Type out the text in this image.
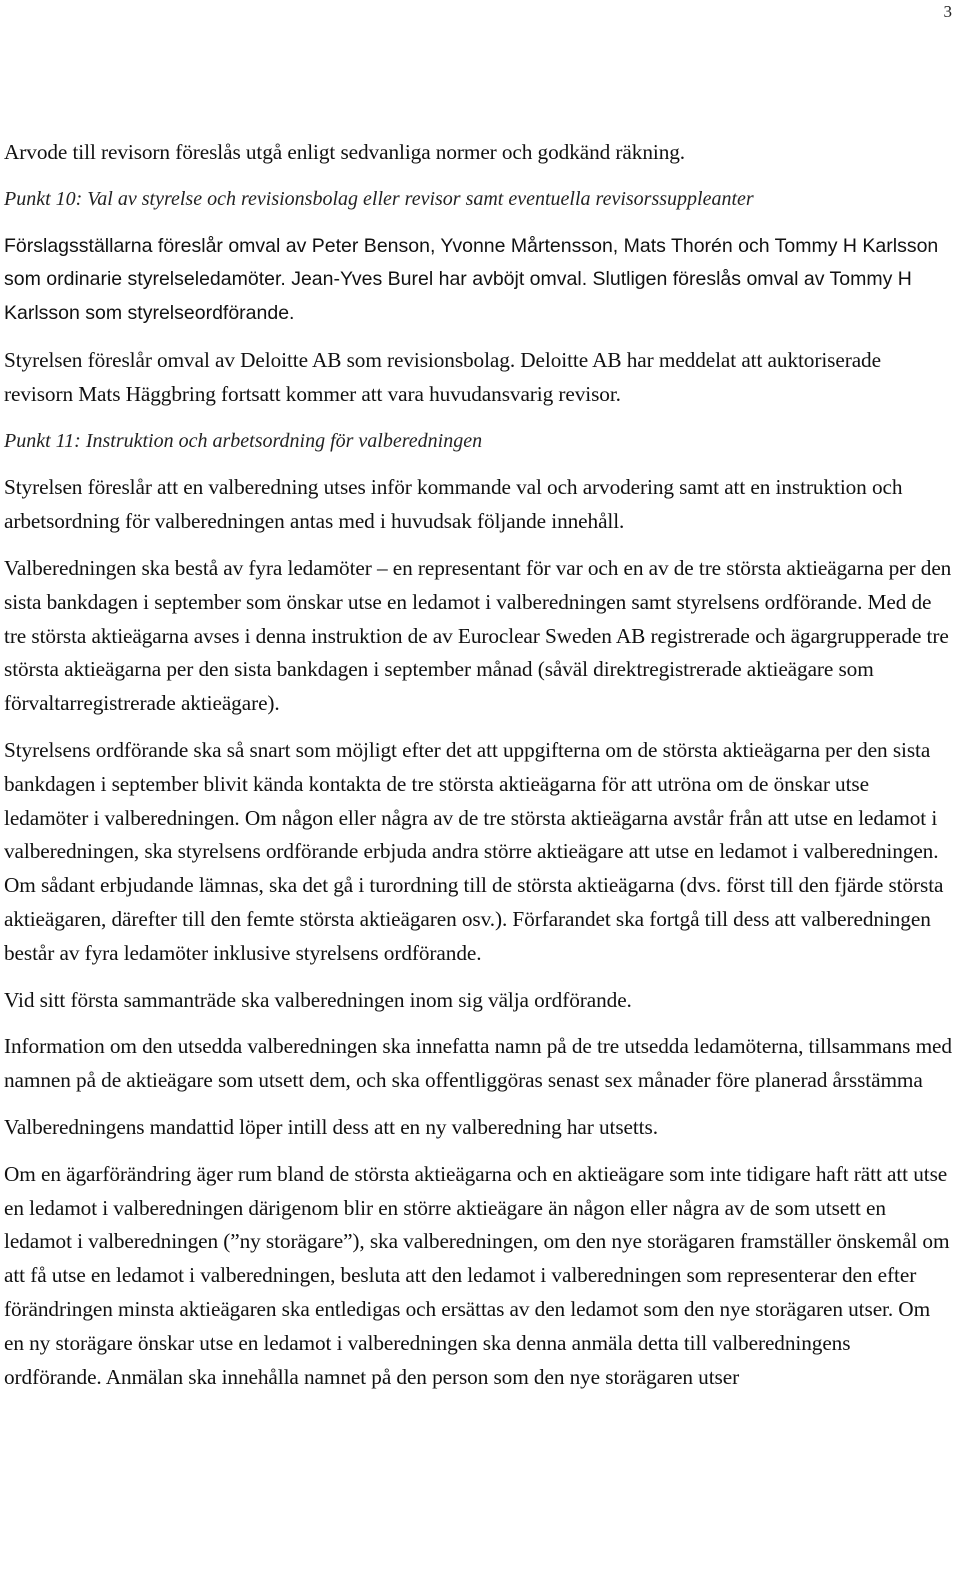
3

Arvode till revisorn föreslås utgå enligt sedvanliga normer och godkänd räkning.

Punkt 10: Val av styrelse och revisionsbolag eller revisor samt eventuella revisorssuppleanter

Förslagsställarna föreslår omval av Peter Benson, Yvonne Mårtensson, Mats Thorén och Tommy H Karlsson som ordinarie styrelseledamöter. Jean-Yves Burel har avböjt omval. Slutligen föreslås omval av Tommy H Karlsson som styrelseordförande.

Styrelsen föreslår omval av Deloitte AB som revisionsbolag. Deloitte AB har meddelat att auktoriserade revisorn Mats Häggbring fortsatt kommer att vara huvudansvarig revisor.

Punkt 11: Instruktion och arbetsordning för valberedningen

Styrelsen föreslår att en valberedning utses inför kommande val och arvodering samt att en instruktion och arbetsordning för valberedningen antas med i huvudsak följande innehåll.

Valberedningen ska bestå av fyra ledamöter – en representant för var och en av de tre största aktieägarna per den sista bankdagen i september som önskar utse en ledamot i valberedningen samt styrelsens ordförande. Med de tre största aktieägarna avses i denna instruktion de av Euroclear Sweden AB registrerade och ägargrupperade tre största aktieägarna per den sista bankdagen i september månad (såväl direktregistrerade aktieägare som förvaltarregistrerade aktieägare).

Styrelsens ordförande ska så snart som möjligt efter det att uppgifterna om de största aktieägarna per den sista bankdagen i september blivit kända kontakta de tre största aktieägarna för att utröna om de önskar utse ledamöter i valberedningen. Om någon eller några av de tre största aktieägarna avstår från att utse en ledamot i valberedningen, ska styrelsens ordförande erbjuda andra större aktieägare att utse en ledamot i valberedningen. Om sådant erbjudande lämnas, ska det gå i turordning till de största aktieägarna (dvs. först till den fjärde största aktieägaren, därefter till den femte största aktieägaren osv.). Förfarandet ska fortgå till dess att valberedningen består av fyra ledamöter inklusive styrelsens ordförande.

Vid sitt första sammanträde ska valberedningen inom sig välja ordförande.

Information om den utsedda valberedningen ska innefatta namn på de tre utsedda ledamöterna, tillsammans med namnen på de aktieägare som utsett dem, och ska offentliggöras senast sex månader före planerad årsstämma

Valberedningens mandattid löper intill dess att en ny valberedning har utsetts.

Om en ägarförändring äger rum bland de största aktieägarna och en aktieägare som inte tidigare haft rätt att utse en ledamot i valberedningen därigenom blir en större aktieägare än någon eller några av de som utsett en ledamot i valberedningen (”ny storägare”), ska valberedningen, om den nye storägaren framställer önskemål om att få utse en ledamot i valberedningen, besluta att den ledamot i valberedningen som representerar den efter förändringen minsta aktieägaren ska entledigas och ersättas av den ledamot som den nye storägaren utser. Om en ny storägare önskar utse en ledamot i valberedningen ska denna anmäla detta till valberedningens ordförande. Anmälan ska innehålla namnet på den person som den nye storägaren utser
